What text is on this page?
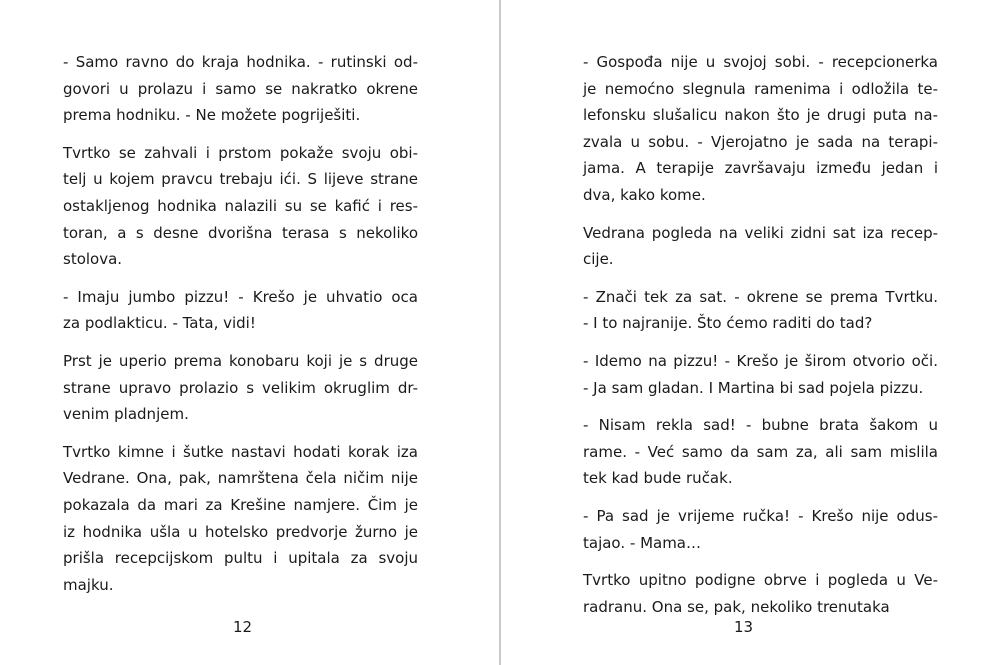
- Samo ravno do kraja hodnika. - rutinski od-
govori u prolazu i samo se nakratko okrene
prema hodniku. - Ne možete pogriješiti.
Tvrtko se zahvali i prstom pokaže svoju obi-
telj u kojem pravcu trebaju ići. S lijeve strane
ostakljenog hodnika nalazili su se kafić i res-
toran, a s desne dvorišna terasa s nekoliko
stolova.
- Imaju jumbo pizzu! - Krešo je uhvatio oca
za podlakticu. - Tata, vidi!
Prst je uperio prema konobaru koji je s druge
strane upravo prolazio s velikim okruglim dr-
venim pladnjem.
Tvrtko kimne i šutke nastavi hodati korak iza
Vedrane. Ona, pak, namrštena čela ničim nije
pokazala da mari za Krešine namjere. Čim je
iz hodnika ušla u hotelsko predvorje žurno je
prišla recepcijskom pultu i upitala za svoju
majku.
12
- Gospođa nije u svojoj sobi. - recepcionerka
je nemoćno slegnula ramenima i odložila te-
lefonsku slušalicu nakon što je drugi puta na-
zvala u sobu. - Vjerojatno je sada na terapi-
jama. A terapije završavaju između jedan i
dva, kako kome.
Vedrana pogleda na veliki zidni sat iza recep-
cije.
- Znači tek za sat. - okrene se prema Tvrtku.
- I to najranije. Što ćemo raditi do tad?
- Idemo na pizzu! - Krešo je širom otvorio oči.
- Ja sam gladan. I Martina bi sad pojela pizzu.
- Nisam rekla sad! - bubne brata šakom u
rame. - Već samo da sam za, ali sam mislila
tek kad bude ručak.
- Pa sad je vrijeme ručka! - Krešo nije odus-
tajao. - Mama…
Tvrtko upitno podigne obrve i pogleda u Ve-
radranu. Ona se, pak, nekoliko trenutaka
13
